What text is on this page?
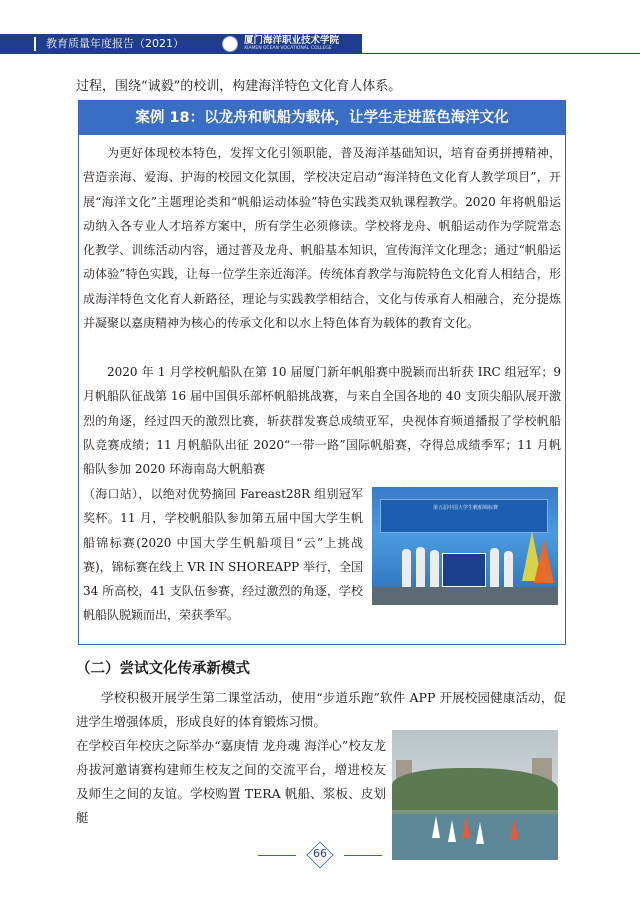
教育质量年度报告（2021）	厦门海洋职业技术学院
XIAMEN OCEAN VOCATIONAL COLLEGE
过程，围绕“诚毅”的校训，构建海洋特色文化育人体系。
案例 18：以龙舟和帆船为载体，让学生走进蓝色海洋文化

为更好体现校本特色，发挥文化引领职能，普及海洋基础知识，培育奋勇拼搏精神，营造亲海、爱海、护海的校园文化氛围，学校决定启动“海洋特色文化育人教学项目”，开展“海洋文化”主题理论类和“帆船运动体验”特色实践类双轨课程教学。2020 年将帆船运动纳入各专业人才培养方案中，所有学生必须修读。学校将龙舟、帆船运动作为学院常态化教学、训练活动内容，通过普及龙舟、帆船基本知识，宣传海洋文化理念；通过“帆船运动体验”特色实践，让每一位学生亲近海洋。传统体育教学与海院特色文化育人相结合，形成海洋特色文化育人新路径，理论与实践教学相结合，文化与传承育人相融合，充分提炼并凝聚以嘉庚精神为核心的传承文化和以水上特色体育为载体的教育文化。

2020 年 1 月学校帆船队在第 10 届厦门新年帆船赛中脱颖而出斩获 IRC 组冠军；9 月帆船队征战第 16 届中国俱乐部杯帆船挑战赛，与来自全国各地的 40 支顶尖船队展开激烈的角逐，经过四天的激烈比赛，斩获群发赛总成绩亚军，央视体育频道播报了学校帆船队竞赛成绩；11 月帆船队出征 2020“一带一路”国际帆船赛，夺得总成绩季军；11 月帆船队参加 2020 环海南岛大帆船赛

（海口站），以绝对优势摘回 Fareast28R 组别冠军奖杯。11 月，学校帆船队参加第五届中国大学生帆船锦标赛(2020 中国大学生帆船项目“云”上挑战赛)，锦标赛在线上 VR IN SHOREAPP 举行，全国 34 所高校，41 支队伍参赛，经过激烈的角逐，学校帆船队脱颖而出，荣获季军。

第五届中国大学生帆船锦标赛
（二）尝试文化传承新模式

学校积极开展学生第二课堂活动，使用“步道乐跑”软件 APP 开展校园健康活动，促进学生增强体质，形成良好的体育锻炼习惯。

在学校百年校庆之际举办“嘉庚情 龙舟魂 海洋心”校友龙舟拔河邀请赛构建师生校友之间的交流平台，增进校友及师生之间的友谊。学校购置 TERA 帆船、浆板、皮划艇

66
